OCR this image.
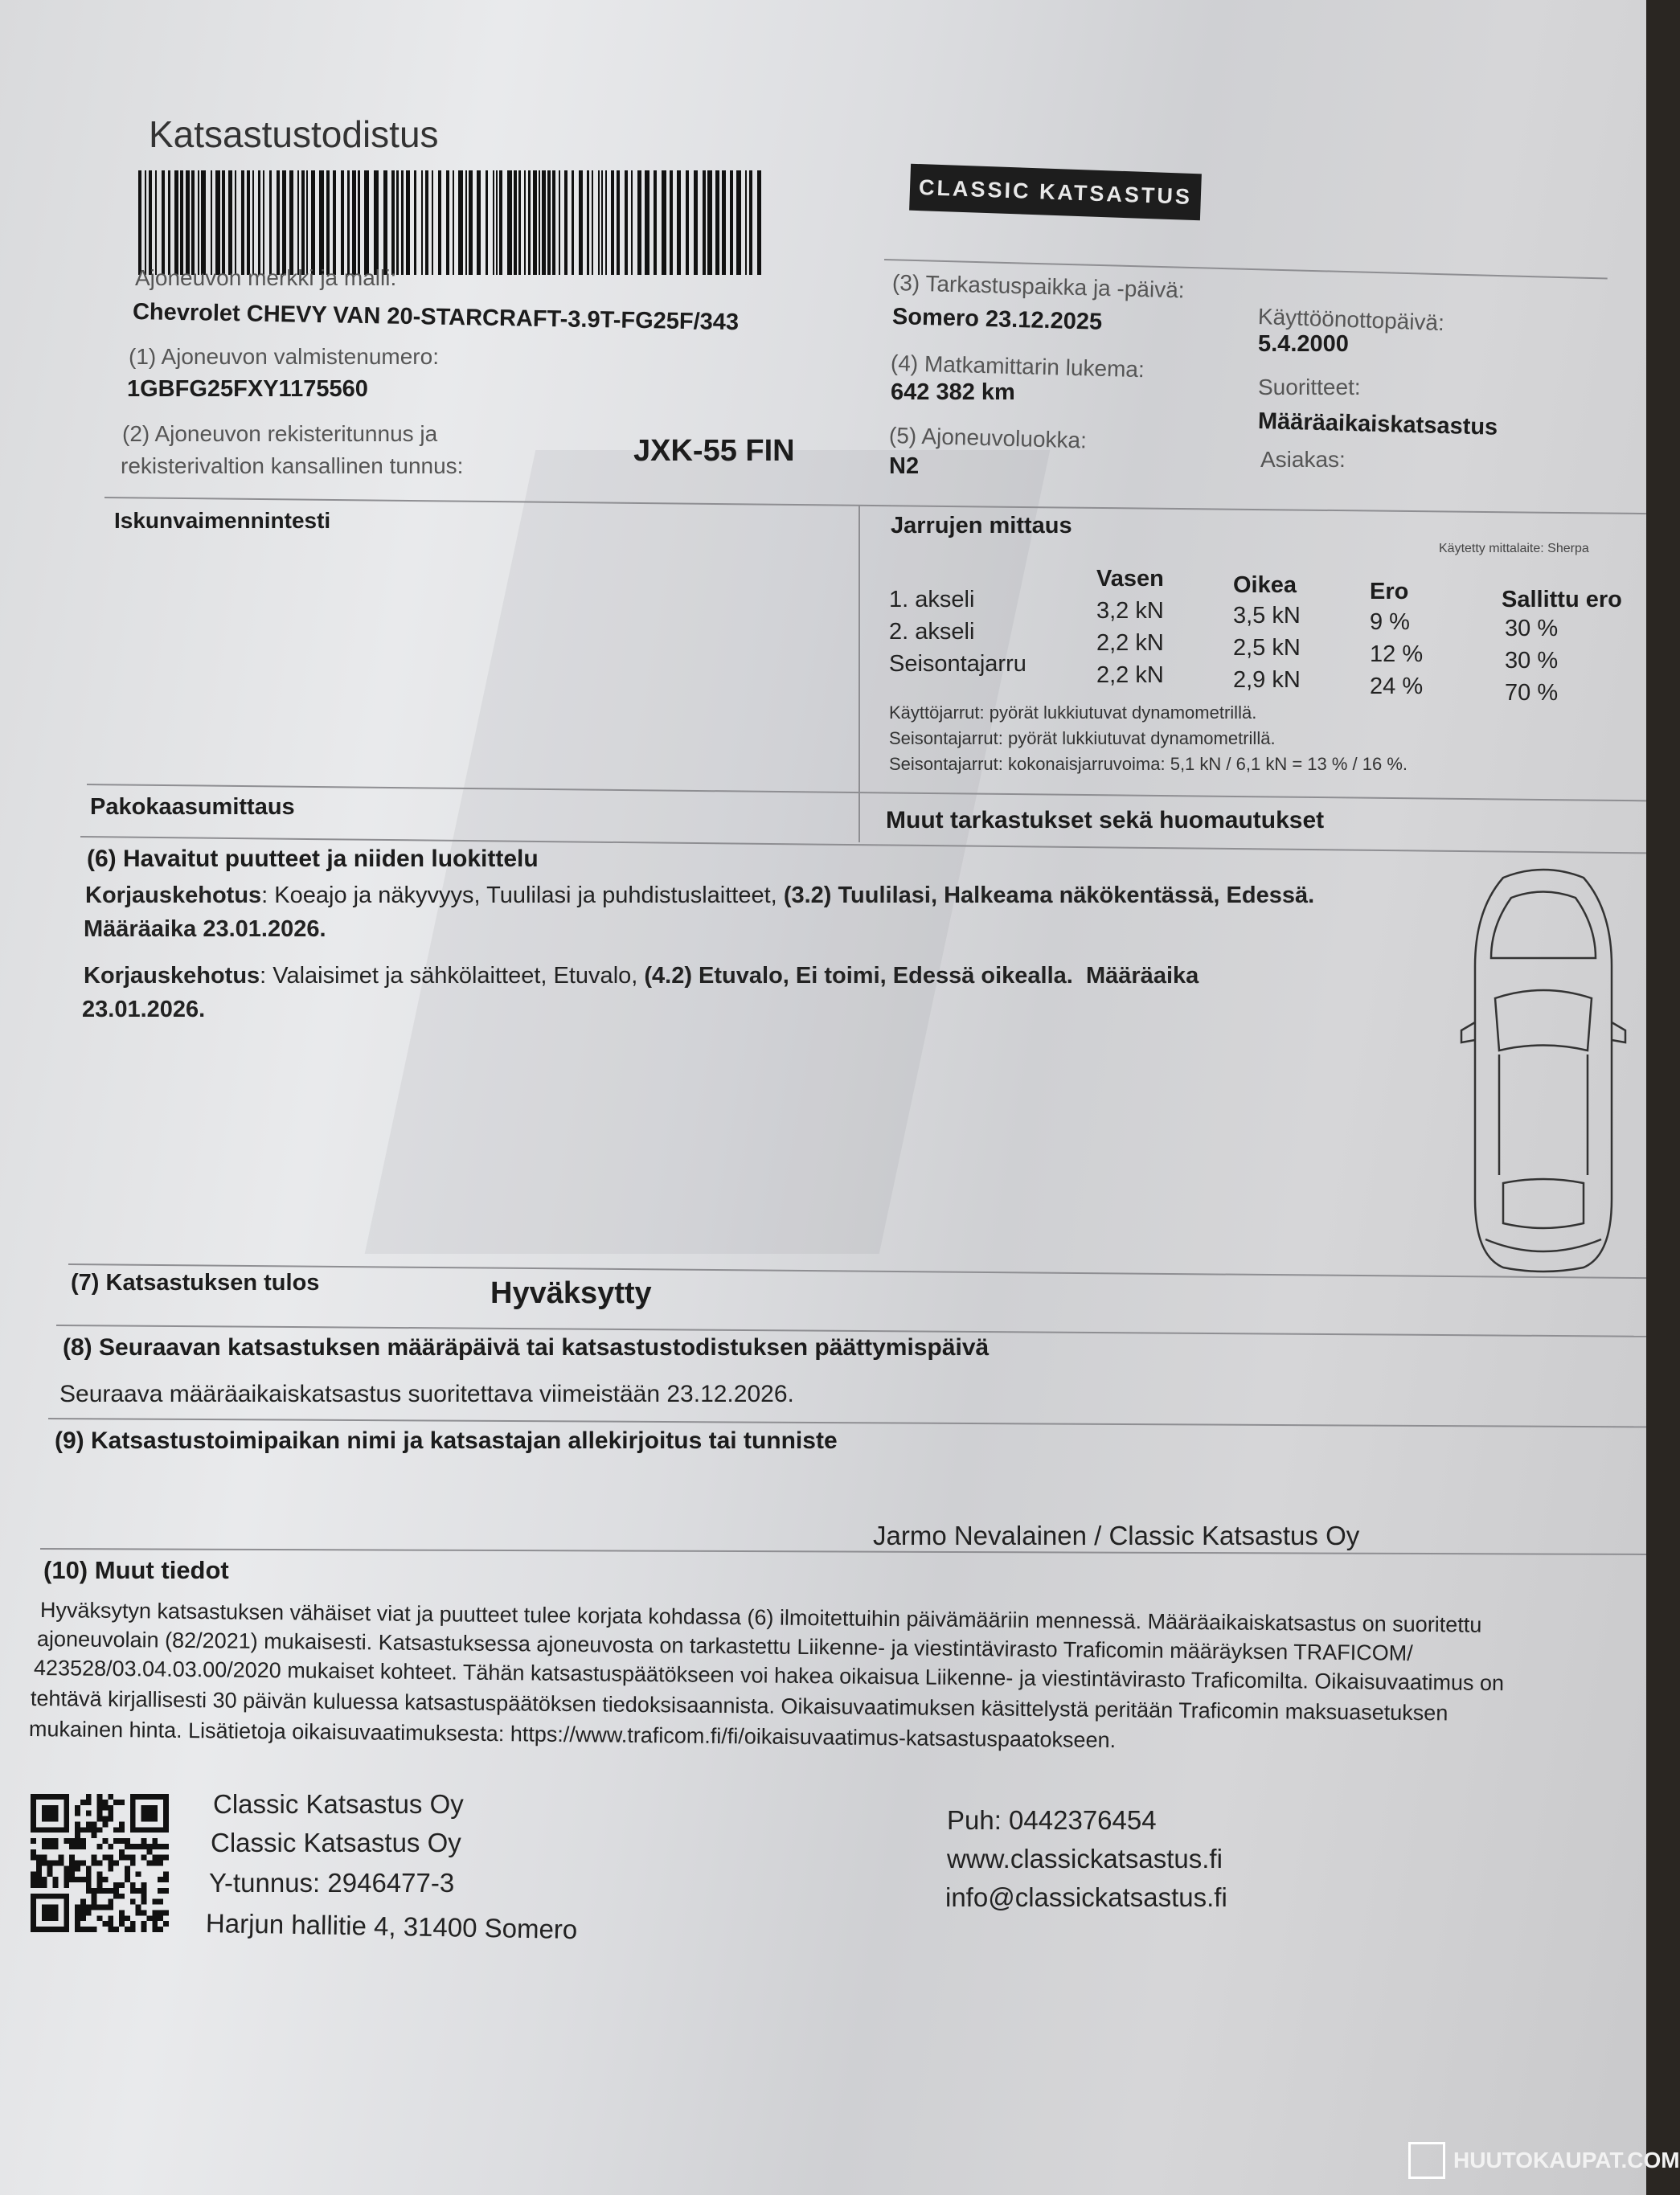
Katsastustodistus
CLASSIC KATSASTUS
Ajoneuvon merkki ja malli:
Chevrolet CHEVY VAN 20-STARCRAFT-3.9T-FG25F/343
(1) Ajoneuvon valmistenumero:
1GBFG25FXY1175560
(2) Ajoneuvon rekisteritunnus ja
rekisterivaltion kansallinen tunnus:	JXK-55 FIN
(3) Tarkastuspaikka ja -päivä:
Somero 23.12.2025
(4) Matkamittarin lukema:
642 382 km
(5) Ajoneuvoluokka:
N2
Käyttöönottopäivä:
5.4.2000
Suoritteet:
Määräaikaiskatsastus
Asiakas:
Iskunvaimennintesti	Jarrujen mittaus
Käytetty mittalaite: Sherpa
Vasen	Oikea	Ero	Sallittu ero
1. akseli	3,2 kN	3,5 kN	9 %	30 %
2. akseli	2,2 kN	2,5 kN	12 %	30 %
Seisontajarru	2,2 kN	2,9 kN	24 %	70 %
Käyttöjarrut: pyörät lukkiutuvat dynamometrillä.
Seisontajarrut: pyörät lukkiutuvat dynamometrillä.
Seisontajarrut: kokonaisjarruvoima: 5,1 kN / 6,1 kN = 13 % / 16 %.
Pakokaasumittaus	Muut tarkastukset sekä huomautukset
(6) Havaitut puutteet ja niiden luokittelu
Korjauskehotus: Koeajo ja näkyvyys, Tuulilasi ja puhdistuslaitteet, (3.2) Tuulilasi, Halkeama näkökentässä, Edessä.
Määräaika 23.01.2026.
Korjauskehotus: Valaisimet ja sähkölaitteet, Etuvalo, (4.2) Etuvalo, Ei toimi, Edessä oikealla. Määräaika
23.01.2026.
(7) Katsastuksen tulos	Hyväksytty
(8) Seuraavan katsastuksen määräpäivä tai katsastustodistuksen päättymispäivä
Seuraava määräaikaiskatsastus suoritettava viimeistään 23.12.2026.
(9) Katsastustoimipaikan nimi ja katsastajan allekirjoitus tai tunniste
Jarmo Nevalainen / Classic Katsastus Oy
(10) Muut tiedot
Hyväksytyn katsastuksen vähäiset viat ja puutteet tulee korjata kohdassa (6) ilmoitettuihin päivämääriin mennessä. Määräaikaiskatsastus on suoritettu
ajoneuvolain (82/2021) mukaisesti. Katsastuksessa ajoneuvosta on tarkastettu Liikenne- ja viestintävirasto Traficomin määräyksen TRAFICOM/
423528/03.04.03.00/2020 mukaiset kohteet. Tähän katsastuspäätökseen voi hakea oikaisua Liikenne- ja viestintävirasto Traficomilta. Oikaisuvaatimus on
tehtävä kirjallisesti 30 päivän kuluessa katsastuspäätöksen tiedoksisaannista. Oikaisuvaatimuksen käsittelystä peritään Traficomin maksuasetuksen
mukainen hinta. Lisätietoja oikaisuvaatimuksesta: https://www.traficom.fi/fi/oikaisuvaatimus-katsastuspaatokseen.
Classic Katsastus Oy
Classic Katsastus Oy
Y-tunnus: 2946477-3
Harjun hallitie 4, 31400 Somero
Puh: 0442376454
www.classickatsastus.fi
info@classickatsastus.fi
HUUTOKAUPAT.COM
